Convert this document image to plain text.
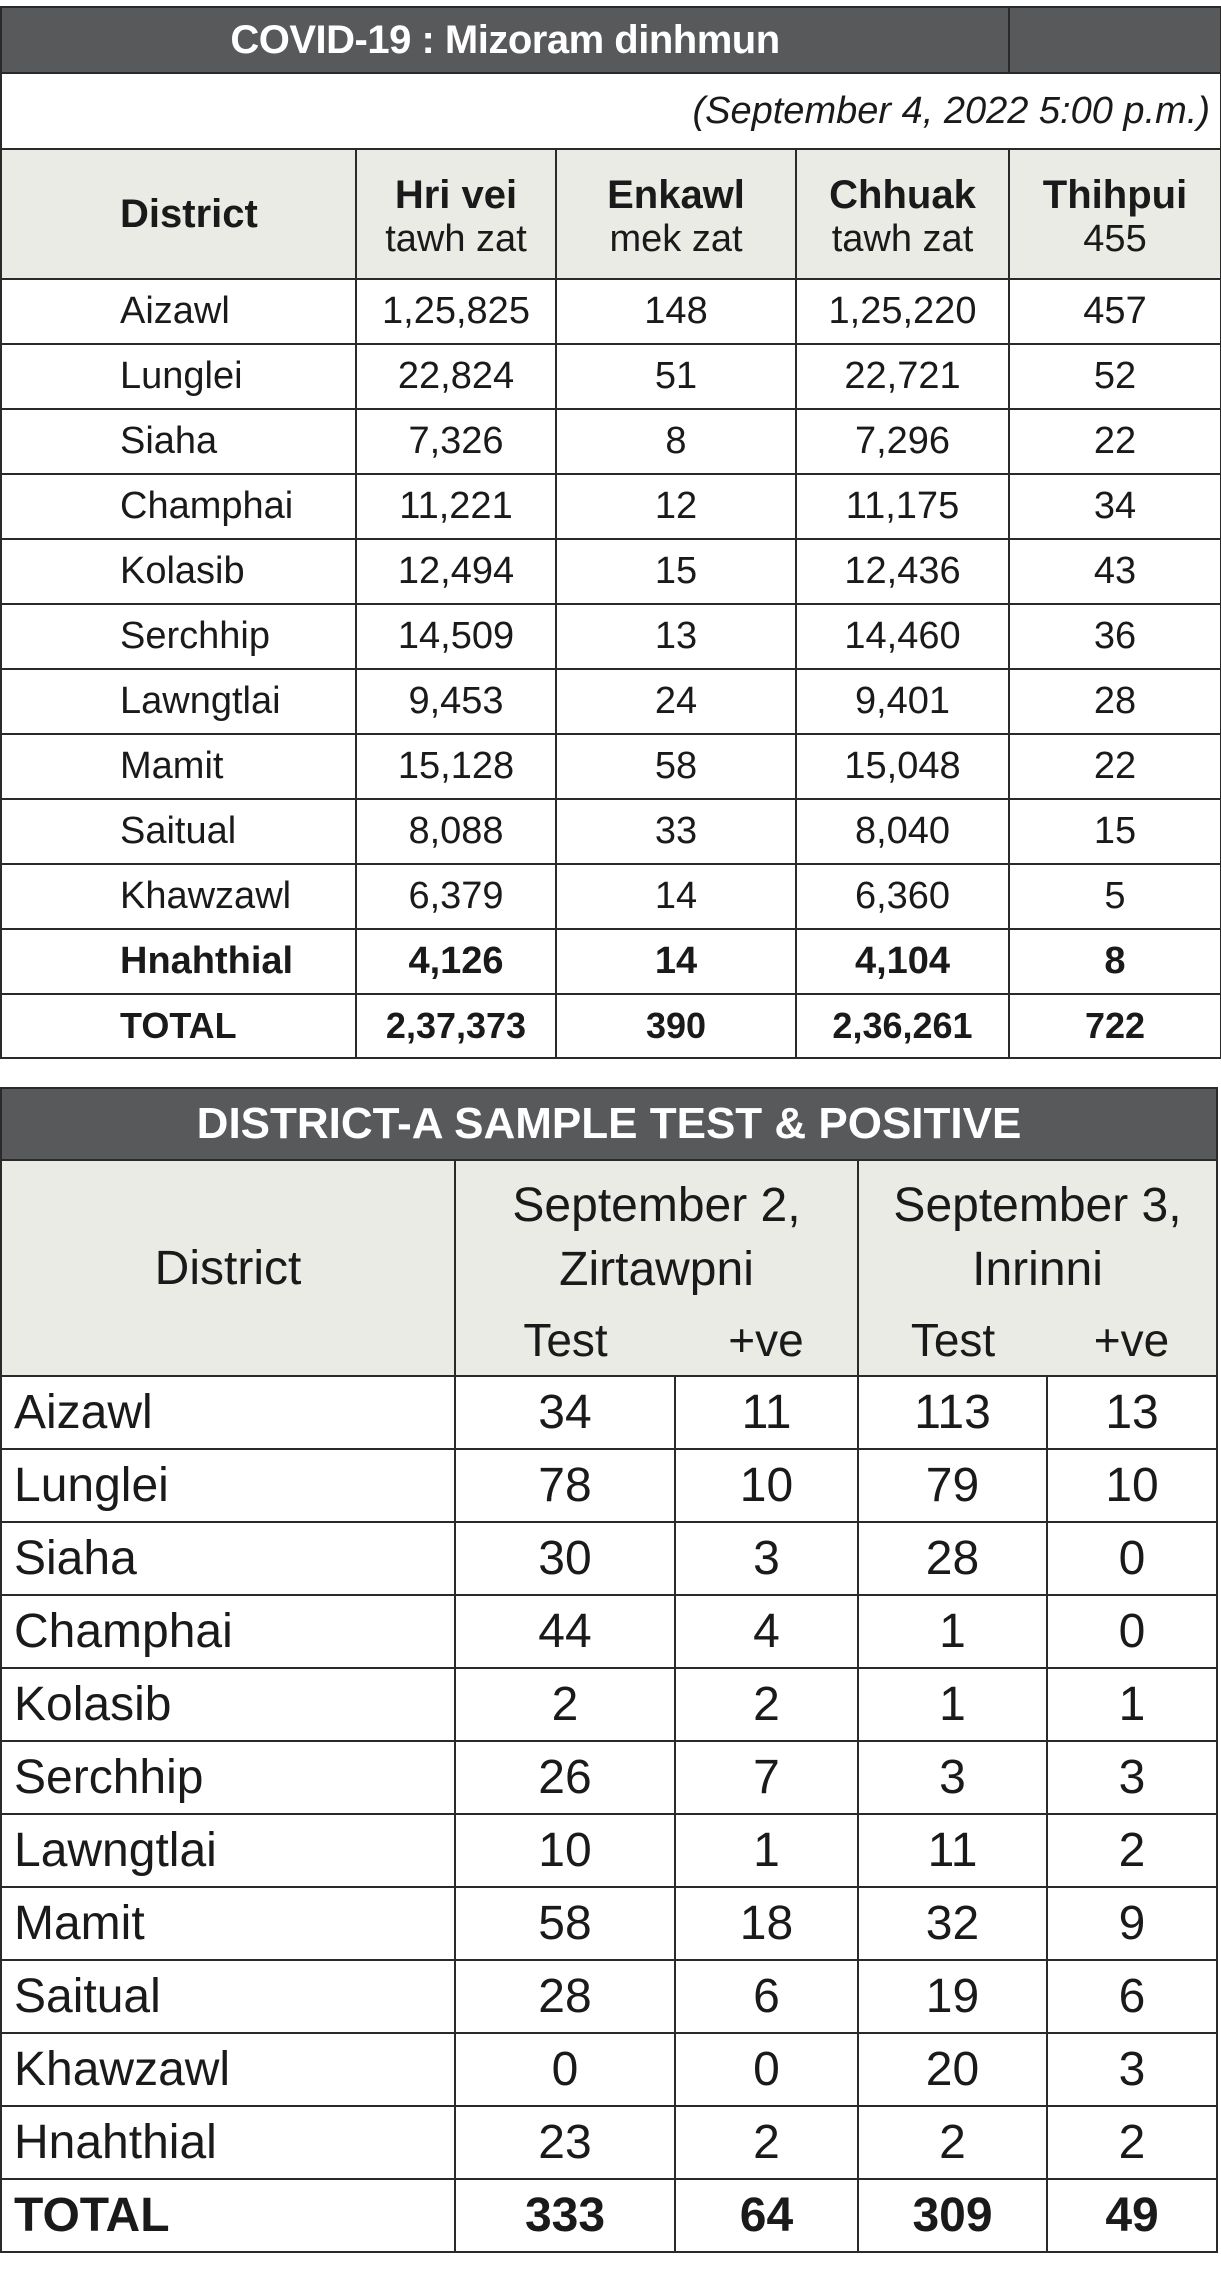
COVID-19 : Mizoram dinhmun				
(September 4, 2022 5:00 p.m.)				
District	Hri vei	Enkawl	Chhuak	Thihpui
	tawh zat	mek zat	tawh zat	455
Aizawl	1,25,825	148	1,25,220	457
Lunglei	22,824	51	22,721	52
Siaha	7,326	8	7,296	22
Champhai	11,221	12	11,175	34
Kolasib	12,494	15	12,436	43
Serchhip	14,509	13	14,460	36
Lawngtlai	9,453	24	9,401	28
Mamit	15,128	58	15,048	22
Saitual	8,088	33	8,040	15
Khawzawl	6,379	14	6,360	5
Hnahthial	4,126	14	4,104	8
TOTAL	2,37,373	390	2,36,261	722
DISTRICT-A SAMPLE TEST & POSITIVE				
District	September 2,		September 3,	
	Zirtawpni		Inrinni	
	Test	+ve	Test	+ve
Aizawl	34	11	113	13
Lunglei	78	10	79	10
Siaha	30	3	28	0
Champhai	44	4	1	0
Kolasib	2	2	1	1
Serchhip	26	7	3	3
Lawngtlai	10	1	11	2
Mamit	58	18	32	9
Saitual	28	6	19	6
Khawzawl	0	0	20	3
Hnahthial	23	2	2	2
TOTAL	333	64	309	49
